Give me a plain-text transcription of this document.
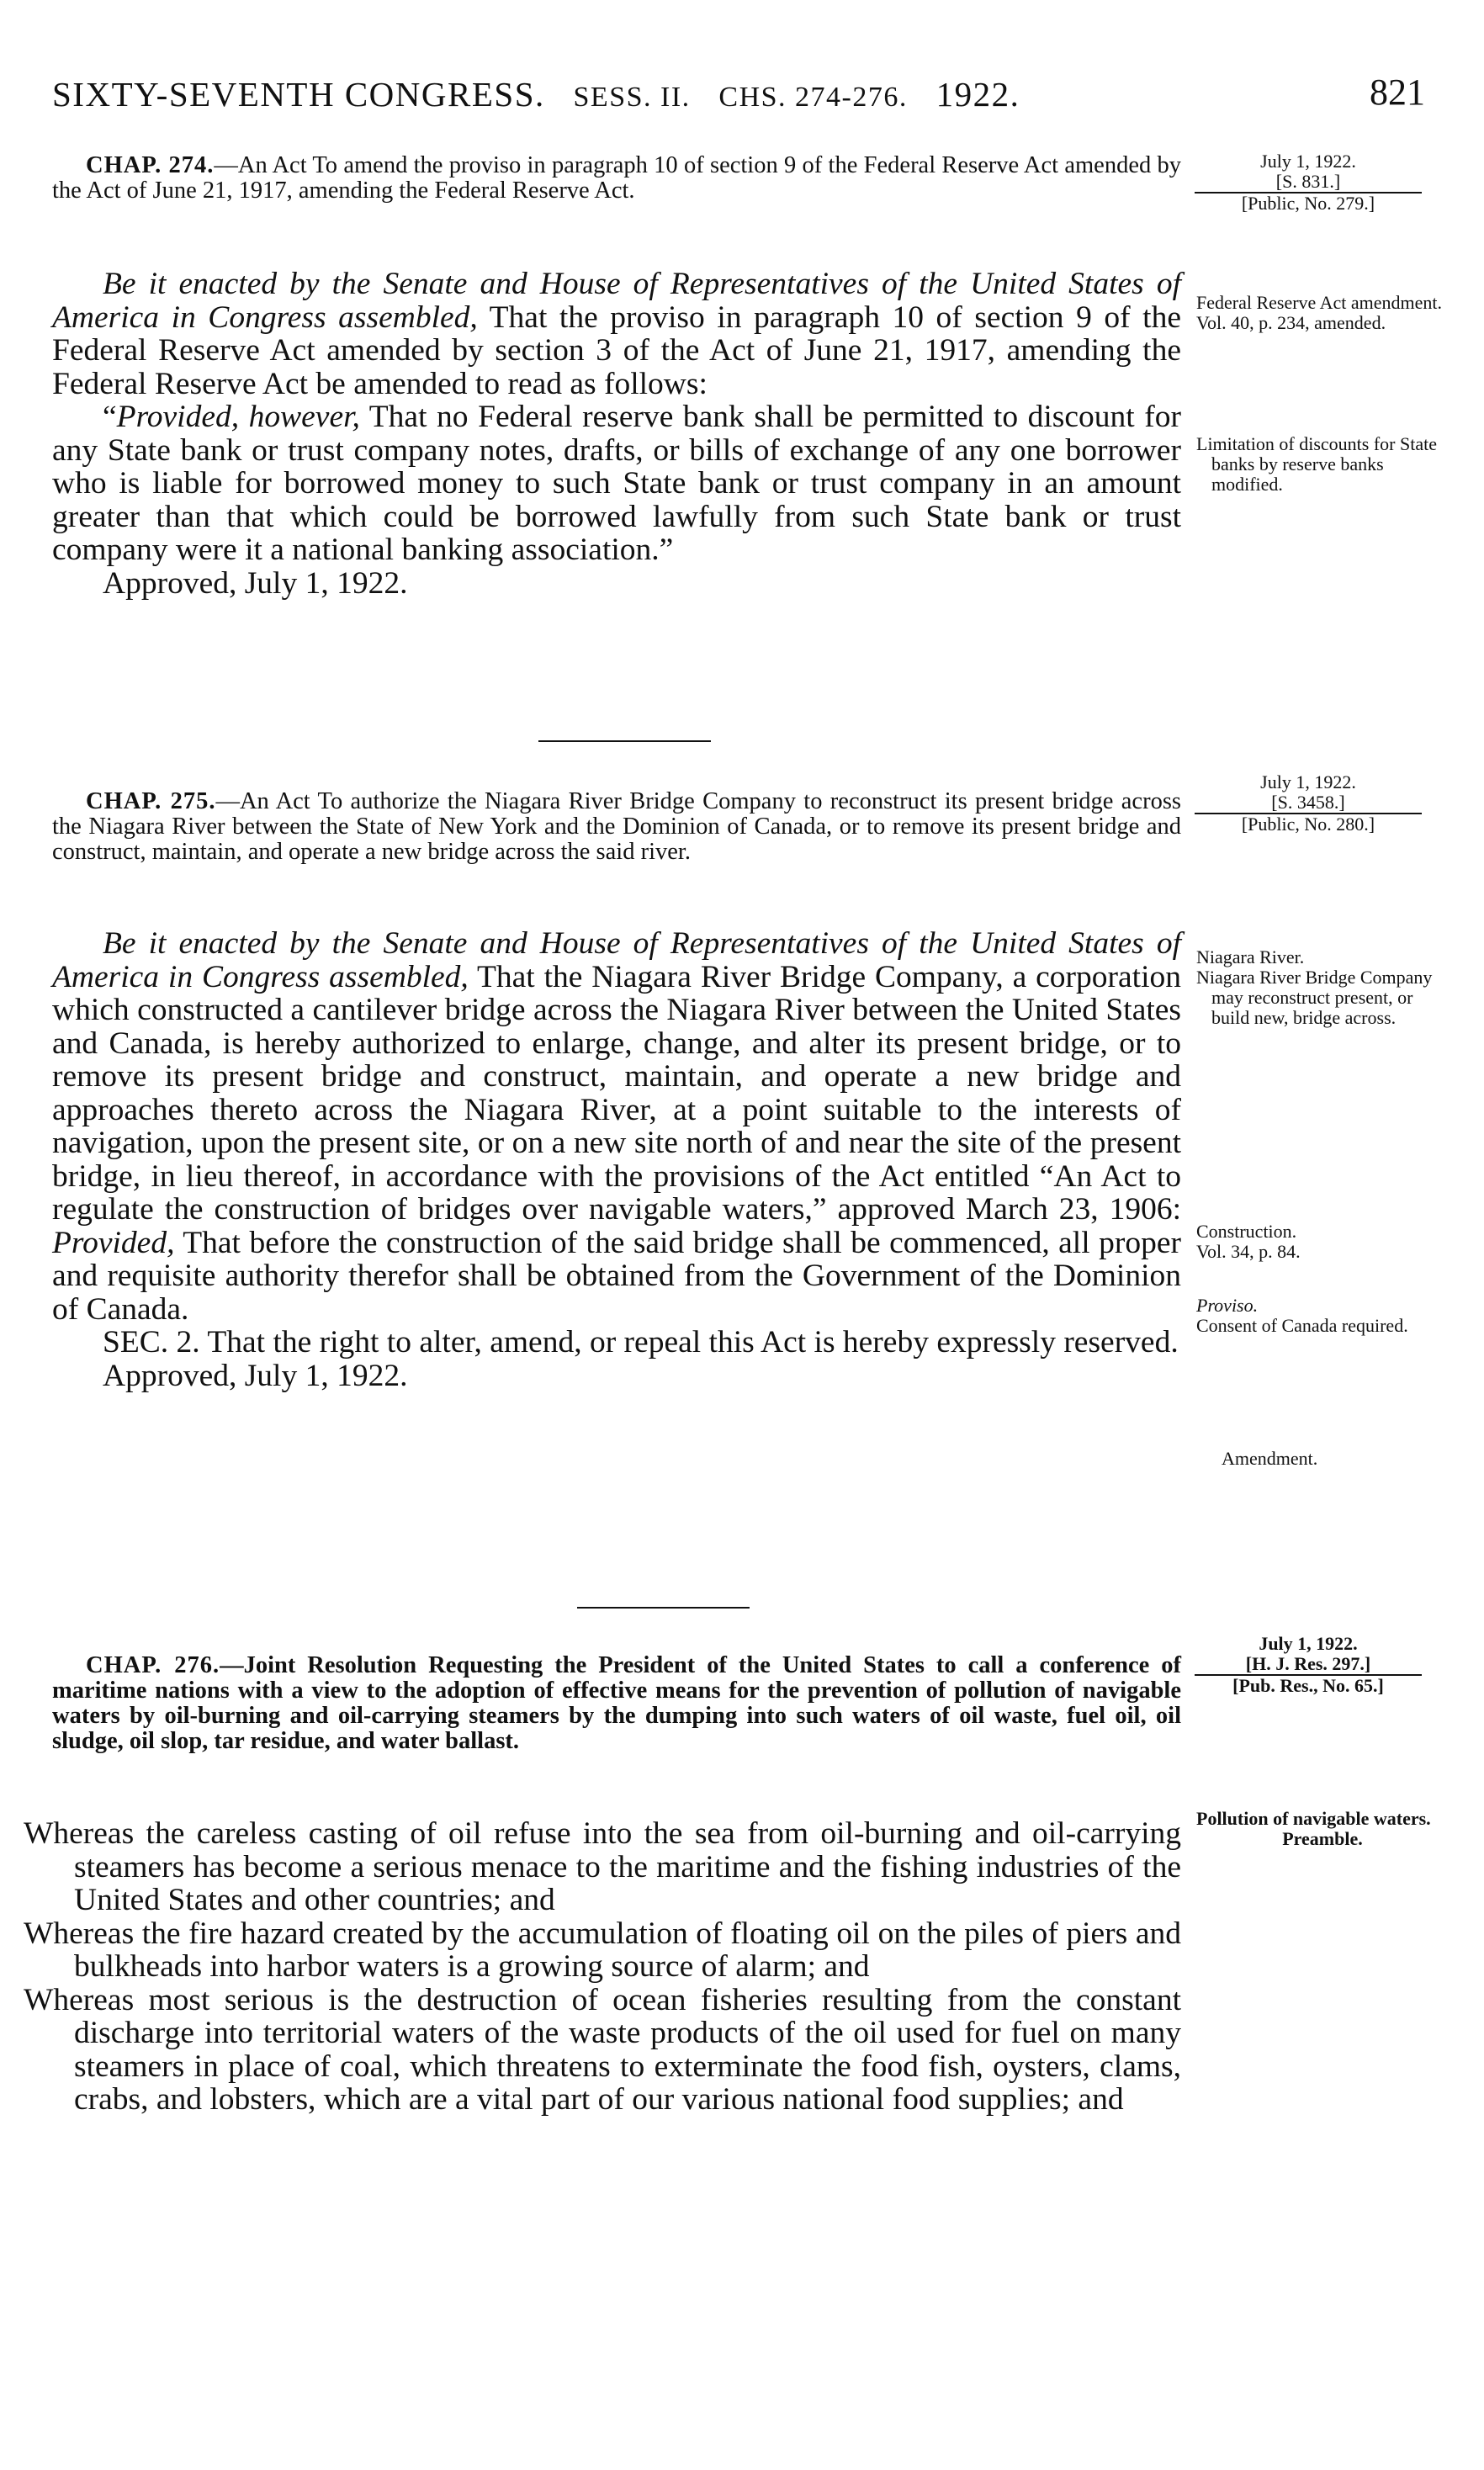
SIXTY-SEVENTH CONGRESS. SESS. II. CHS. 274-276. 1922.	821
CHAP. 274.—An Act To amend the proviso in paragraph 10 of section 9 of the Federal Reserve Act amended by the Act of June 21, 1917, amending the Federal Reserve Act.
July 1, 1922.

[S. 831.]
[Public, No. 279.]

Be it enacted by the Senate and House of Representatives of the United States of America in Congress assembled, That the proviso in paragraph 10 of section 9 of the Federal Reserve Act amended by section 3 of the Act of June 21, 1917, amending the Federal Reserve Act be amended to read as follows:

“Provided, however, That no Federal reserve bank shall be permitted to discount for any State bank or trust company notes, drafts, or bills of exchange of any one borrower who is liable for borrowed money to such State bank or trust company in an amount greater than that which could be borrowed lawfully from such State bank or trust company were it a national banking association.”

Approved, July 1, 1922.

Federal Reserve Act amendment.

Vol. 40, p. 234, amended.

Limitation of discounts for State banks by reserve banks modified.

CHAP. 275.—An Act To authorize the Niagara River Bridge Company to reconstruct its present bridge across the Niagara River between the State of New York and the Dominion of Canada, or to remove its present bridge and construct, maintain, and operate a new bridge across the said river.
July 1, 1922.

[S. 3458.]
[Public, No. 280.]

Be it enacted by the Senate and House of Representatives of the United States of America in Congress assembled, That the Niagara River Bridge Company, a corporation which constructed a cantilever bridge across the Niagara River between the United States and Canada, is hereby authorized to enlarge, change, and alter its present bridge, or to remove its present bridge and construct, maintain, and operate a new bridge and approaches thereto across the Niagara River, at a point suitable to the interests of navigation, upon the present site, or on a new site north of and near the site of the present bridge, in lieu thereof, in accordance with the provisions of the Act entitled “An Act to regulate the construction of bridges over navigable waters,” approved March 23, 1906: Provided, That before the construction of the said bridge shall be commenced, all proper and requisite authority therefor shall be obtained from the Government of the Dominion of Canada.

SEC. 2. That the right to alter, amend, or repeal this Act is hereby expressly reserved.

Approved, July 1, 1922.

Niagara River.

Niagara River Bridge Company may reconstruct present, or build new, bridge across.

Construction.

Vol. 34, p. 84.

Proviso.

Consent of Canada required.

Amendment.

CHAP. 276.—Joint Resolution Requesting the President of the United States to call a conference of maritime nations with a view to the adoption of effective means for the prevention of pollution of navigable waters by oil-burning and oil-carrying steamers by the dumping into such waters of oil waste, fuel oil, oil sludge, oil slop, tar residue, and water ballast.
July 1, 1922.

[H. J. Res. 297.]
[Pub. Res., No. 65.]

Whereas the careless casting of oil refuse into the sea from oil-burning and oil-carrying steamers has become a serious menace to the maritime and the fishing industries of the United States and other countries; and

Whereas the fire hazard created by the accumulation of floating oil on the piles of piers and bulkheads into harbor waters is a growing source of alarm; and

Whereas most serious is the destruction of ocean fisheries resulting from the constant discharge into territorial waters of the waste products of the oil used for fuel on many steamers in place of coal, which threatens to exterminate the food fish, oysters, clams, crabs, and lobsters, which are a vital part of our various national food supplies; and

Pollution of navigable waters.

Preamble.
